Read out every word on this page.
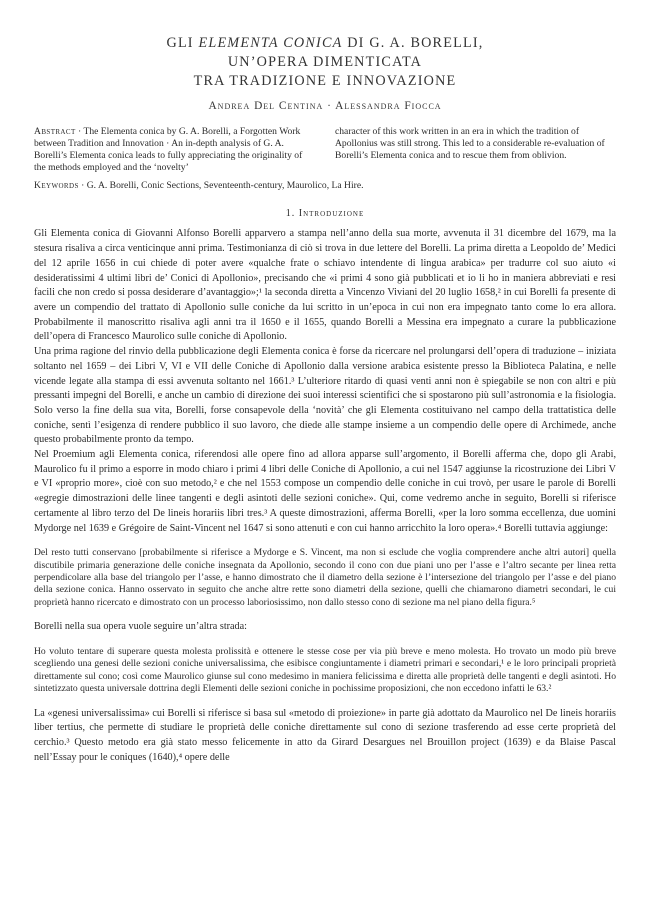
GLI ELEMENTA CONICA DI G. A. BORELLI,
UN’OPERA DIMENTICATA
TRA TRADIZIONE E INNOVAZIONE
Andrea Del Centina · Alessandra Fiocca
Abstract · The Elementa conica by G. A. Borelli, a Forgotten Work between Tradition and Innovation · An in-depth analysis of G. A. Borelli’s Elementa conica leads to fully appreciating the originality of the methods employed and the ‘novelty’
character of this work written in an era in which the tradition of Apollonius was still strong. This led to a considerable re-evaluation of Borelli’s Elementa conica and to rescue them from oblivion.
Keywords · G. A. Borelli, Conic Sections, Seventeenth-century, Maurolico, La Hire.
1. Introduzione

Gli Elementa conica di Giovanni Alfonso Borelli apparvero a stampa nell’anno della sua morte, avvenuta il 31 dicembre del 1679, ma la stesura risaliva a circa venticinque anni prima. Testimonianza di ciò si trova in due lettere del Borelli. La prima diretta a Leopoldo de’ Medici del 12 aprile 1656 in cui chiede di poter avere «qualche frate o schiavo intendente di lingua arabica» per tradurre col suo aiuto «i desideratissimi 4 ultimi libri de’ Conici di Apollonio», precisando che «i primi 4 sono già pubblicati et io li ho in maniera abbreviati e resi facili che non credo si possa desiderare d’avantaggio»;¹ la seconda diretta a Vincenzo Viviani del 20 luglio 1658,² in cui Borelli fa presente di avere un compendio del trattato di Apollonio sulle coniche da lui scritto in un’epoca in cui non era impegnato tanto come lo era allora. Probabilmente il manoscritto risaliva agli anni tra il 1650 e il 1655, quando Borelli a Messina era impegnato a curare la pubblicazione dell’opera di Francesco Maurolico sulle coniche di Apollonio.

Una prima ragione del rinvio della pubblicazione degli Elementa conica è forse da ricercare nel prolungarsi dell’opera di traduzione – iniziata soltanto nel 1659 – dei Libri V, VI e VII delle Coniche di Apollonio dalla versione arabica esistente presso la Biblioteca Palatina, e nelle vicende legate alla stampa di essi avvenuta soltanto nel 1661.³ L’ulteriore ritardo di quasi venti anni non è spiegabile se non con altri e più pressanti impegni del Borelli, e anche un cambio di direzione dei suoi interessi scientifici che si spostarono più sull’astronomia e la fisiologia. Solo verso la fine della sua vita, Borelli, forse consapevole della ‘novità’ che gli Elementa costituivano nel campo della trattatistica delle coniche, sentì l’esigenza di rendere pubblico il suo lavoro, che diede alle stampe insieme a un compendio delle opere di Archimede, anche questo probabilmente pronto da tempo.

Nel Proemium agli Elementa conica, riferendosi alle opere fino ad allora apparse sull’argomento, il Borelli afferma che, dopo gli Arabi, Maurolico fu il primo a esporre in modo chiaro i primi 4 libri delle Coniche di Apollonio, a cui nel 1547 aggiunse la ricostruzione dei Libri V e VI «proprio more», cioè con suo metodo,² e che nel 1553 compose un compendio delle coniche in cui trovò, per usare le parole di Borelli «egregie dimostrazioni delle linee tangenti e degli asintoti delle sezioni coniche». Qui, come vedremo anche in seguito, Borelli si riferisce certamente al libro terzo del De lineis horariis libri tres.³ A queste dimostrazioni, afferma Borelli, «per la loro somma eccellenza, due uomini Mydorge nel 1639 e Grégoire de Saint-Vincent nel 1647 si sono attenuti e con cui hanno arricchito la loro opera».⁴ Borelli tuttavia aggiunge:

Del resto tutti conservano [probabilmente si riferisce a Mydorge e S. Vincent, ma non si esclude che voglia comprendere anche altri autori] quella discutibile primaria generazione delle coniche insegnata da Apollonio, secondo il cono con due piani uno per l’asse e l’altro secante per linea retta perpendicolare alla base del triangolo per l’asse, e hanno dimostrato che il diametro della sezione è l’intersezione del triangolo per l’asse e del piano della sezione conica. Hanno osservato in seguito che anche altre rette sono diametri della sezione, quelli che chiamarono diametri secondari, le cui proprietà hanno ricercato e dimostrato con un processo laboriosissimo, non dallo stesso cono di sezione ma nel piano della figura.⁵

Borelli nella sua opera vuole seguire un’altra strada:

Ho voluto tentare di superare questa molesta prolissità e ottenere le stesse cose per via più breve e meno molesta. Ho trovato un modo più breve scegliendo una genesi delle sezioni coniche universalissima, che esibisce congiuntamente i diametri primari e secondari,¹ e le loro principali proprietà direttamente sul cono; così come Maurolico giunse sul cono medesimo in maniera felicissima e diretta alle proprietà delle tangenti e degli asintoti. Ho sintetizzato questa universale dottrina degli Elementi delle sezioni coniche in pochissime proposizioni, che non eccedono infatti le 63.²

La «genesi universalissima» cui Borelli si riferisce si basa sul «metodo di proiezione» in parte già adottato da Maurolico nel De lineis horariis liber tertius, che permette di studiare le proprietà delle coniche direttamente sul cono di sezione trasferendo ad esse certe proprietà del cerchio.³ Questo metodo era già stato messo felicemente in atto da Girard Desargues nel Brouillon project (1639) e da Blaise Pascal nell’Essay pour le coniques (1640),⁴ opere delle
